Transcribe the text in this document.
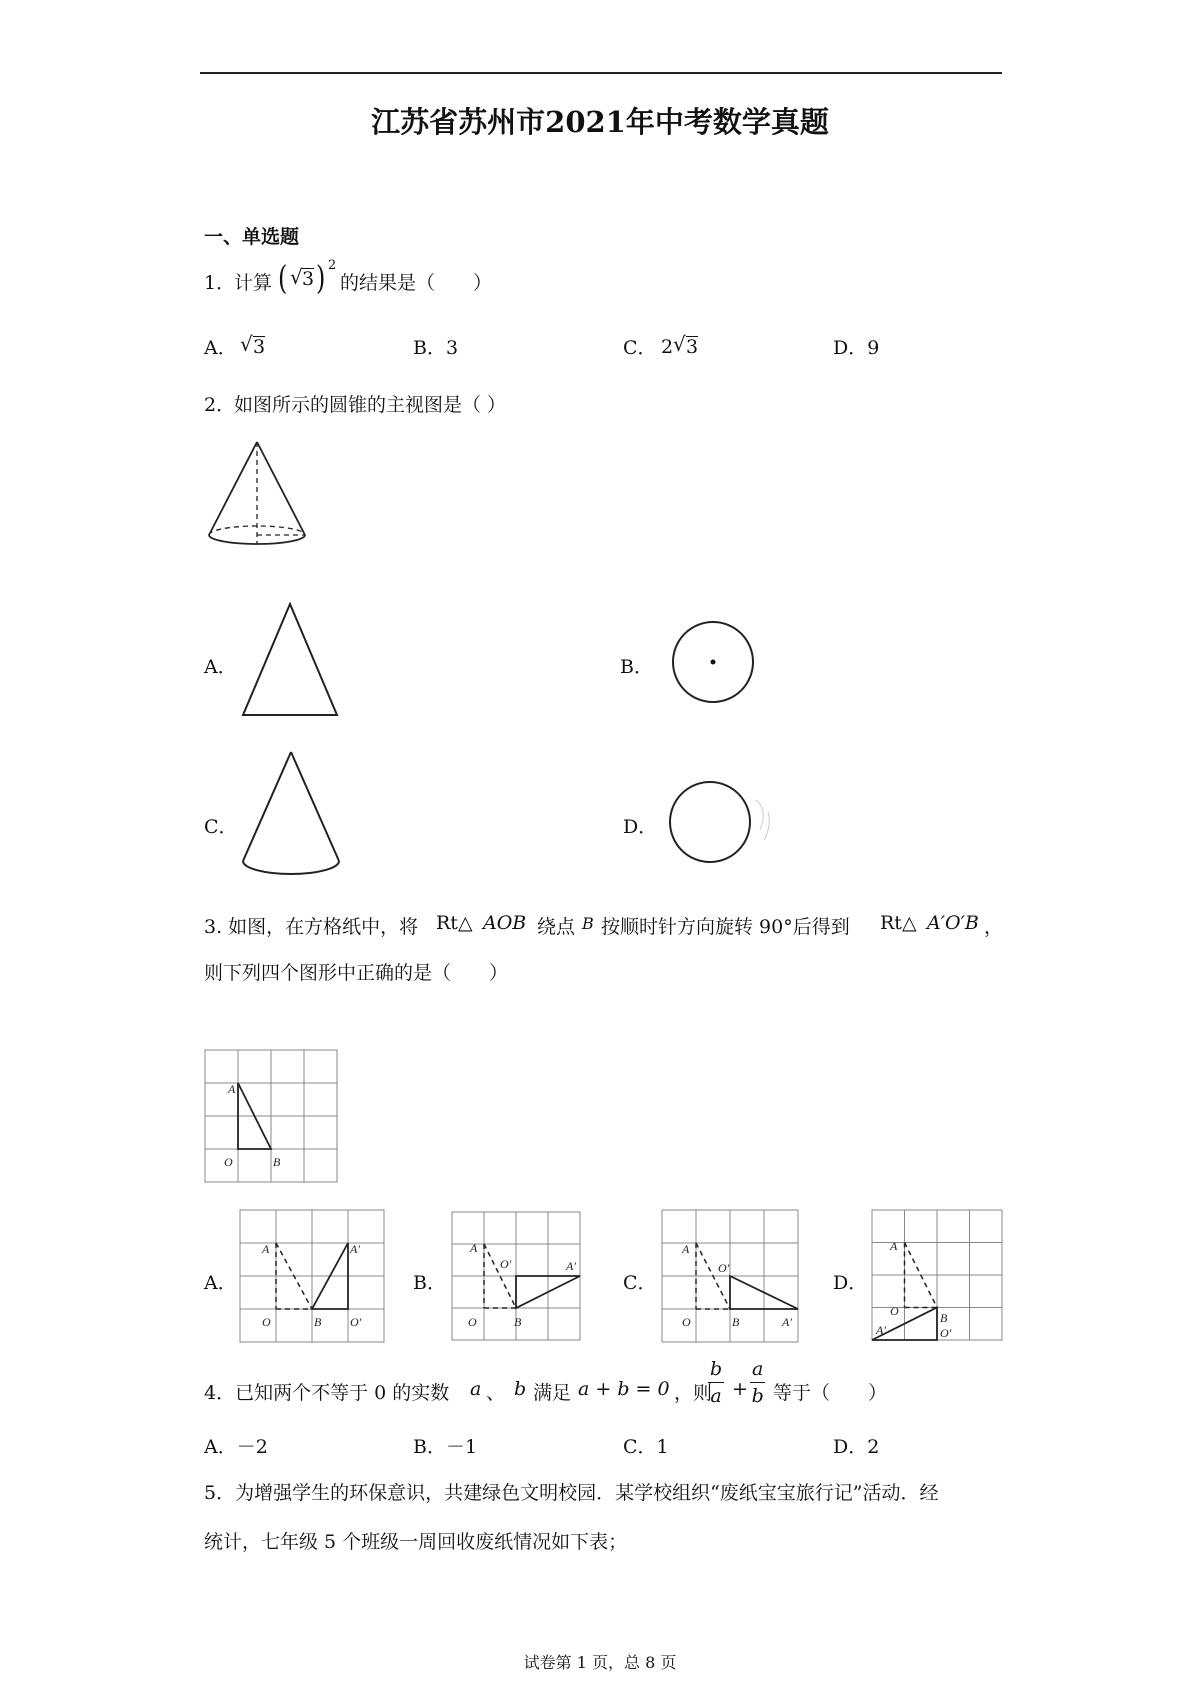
江苏省苏州市2021年中考数学真题
一、单选题
1．
计算 ( √ 3 ) 2
的结果是（　　）
A． √ 3	B．3	C． 2 √ 3	D．9
2．
如图所示的圆锥的主视图是（ ）
A．	B．
C．	D．
3. 如图，在方格纸中，将 Rt△ AOB 绕点 B 按顺时针方向旋转 90°后得到 Rt△ A′O′B ，
则下列四个图形中正确的是（　　）
A
O	B
A．
A
O	B
A′
O′
B．
A
O′	A′
O	B
C．
A
O′
O	B	A′
D．
A
O	B
A′	O′
4．已知两个不等于 0 的实数 a 、 b 满足 a + b = 0 ，则
$\frac{b}{a} + \frac{a}{b}$ 等于（　　）
A．－2	B．－1	C．1	D．2
5．为增强学生的环保意识，共建绿色文明校园．某学校组织“废纸宝宝旅行记”活动．经
统计，七年级 5 个班级一周回收废纸情况如下表；
试卷第 1 页，总 8 页
